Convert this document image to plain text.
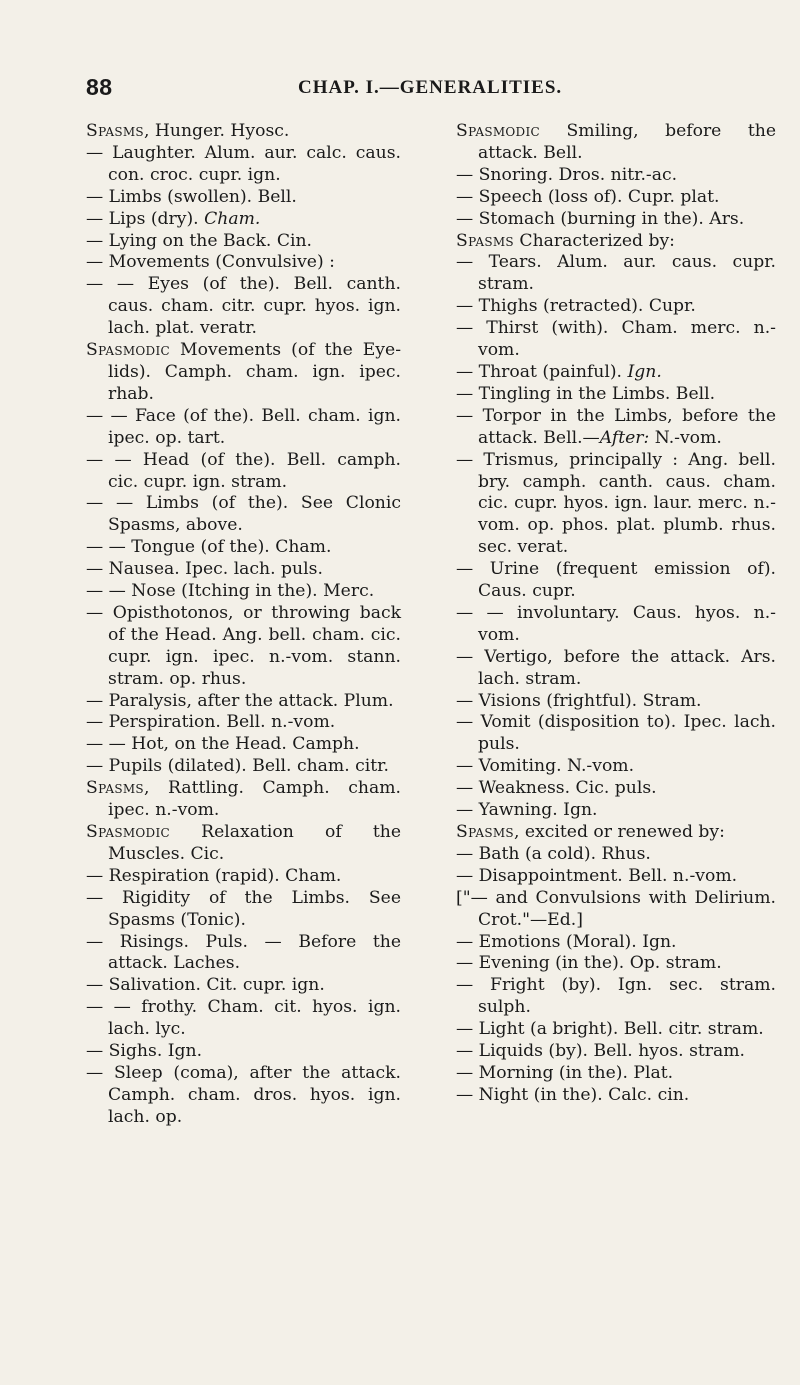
88	CHAP. I.—GENERALITIES.

Spasms, Hunger. Hyosc.

— Laughter. Alum. aur. calc. caus. con. croc. cupr. ign.

— Limbs (swollen). Bell.

— Lips (dry). Cham.

— Lying on the Back. Cin.

— Movements (Convulsive) :

— — Eyes (of the). Bell. canth. caus. cham. citr. cupr. hyos. ign. lach. plat. veratr.

Spasmodic Movements (of the Eye-lids). Camph. cham. ign. ipec. rhab.

— — Face (of the). Bell. cham. ign. ipec. op. tart.

— — Head (of the). Bell. camph. cic. cupr. ign. stram.

— — Limbs (of the). See Clonic Spasms, above.

— — Tongue (of the). Cham.

— Nausea. Ipec. lach. puls.

— — Nose (Itching in the). Merc.

— Opisthotonos, or throwing back of the Head. Ang. bell. cham. cic. cupr. ign. ipec. n.-vom. stann. stram. op. rhus.

— Paralysis, after the attack. Plum.

— Perspiration. Bell. n.-vom.

— — Hot, on the Head. Camph.

— Pupils (dilated). Bell. cham. citr.

Spasms, Rattling. Camph. cham. ipec. n.-vom.

Spasmodic Relaxation of the Muscles. Cic.

— Respiration (rapid). Cham.

— Rigidity of the Limbs. See Spasms (Tonic).

— Risings. Puls. — Before the attack. Laches.

— Salivation. Cit. cupr. ign.

— — frothy. Cham. cit. hyos. ign. lach. lyc.

— Sighs. Ign.

— Sleep (coma), after the attack. Camph. cham. dros. hyos. ign. lach. op.

Spasmodic Smiling, before the attack. Bell.

— Snoring. Dros. nitr.-ac.

— Speech (loss of). Cupr. plat.

— Stomach (burning in the). Ars.

Spasms Characterized by:

— Tears. Alum. aur. caus. cupr. stram.

— Thighs (retracted). Cupr.

— Thirst (with). Cham. merc. n.-vom.

— Throat (painful). Ign.

— Tingling in the Limbs. Bell.

— Torpor in the Limbs, before the attack. Bell.—After: N.-vom.

— Trismus, principally : Ang. bell. bry. camph. canth. caus. cham. cic. cupr. hyos. ign. laur. merc. n.-vom. op. phos. plat. plumb. rhus. sec. verat.

— Urine (frequent emission of). Caus. cupr.

— — involuntary. Caus. hyos. n.-vom.

— Vertigo, before the attack. Ars. lach. stram.

— Visions (frightful). Stram.

— Vomit (disposition to). Ipec. lach. puls.

— Vomiting. N.-vom.

— Weakness. Cic. puls.

— Yawning. Ign.

Spasms, excited or renewed by:

— Bath (a cold). Rhus.

— Disappointment. Bell. n.-vom.

["— and Convulsions with Delirium. Crot."—Ed.]

— Emotions (Moral). Ign.

— Evening (in the). Op. stram.

— Fright (by). Ign. sec. stram. sulph.

— Light (a bright). Bell. citr. stram.

— Liquids (by). Bell. hyos. stram.

— Morning (in the). Plat.

— Night (in the). Calc. cin.
